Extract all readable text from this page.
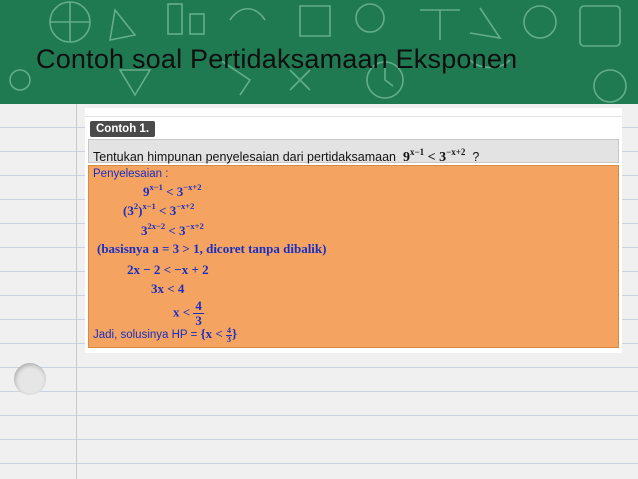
Contoh soal Pertidaksamaan Eksponen
Contoh 1.
Tentukan himpunan penyelesaian dari pertidaksamaan  $9^{x-1} < 3^{-x+2}$ ?
Penyelesaian :
$9^{x-1} < 3^{-x+2}$
$(3^2)^{x-1} < 3^{-x+2}$
$3^{2x-2} < 3^{-x+2}$
(basisnya a = 3 > 1, dicoret tanpa dibalik)
2x − 2 < −x + 2
3x < 4
$x < \frac{4}{3}$
Jadi, solusinya HP = $\{x < \frac{4}{3}\}$
